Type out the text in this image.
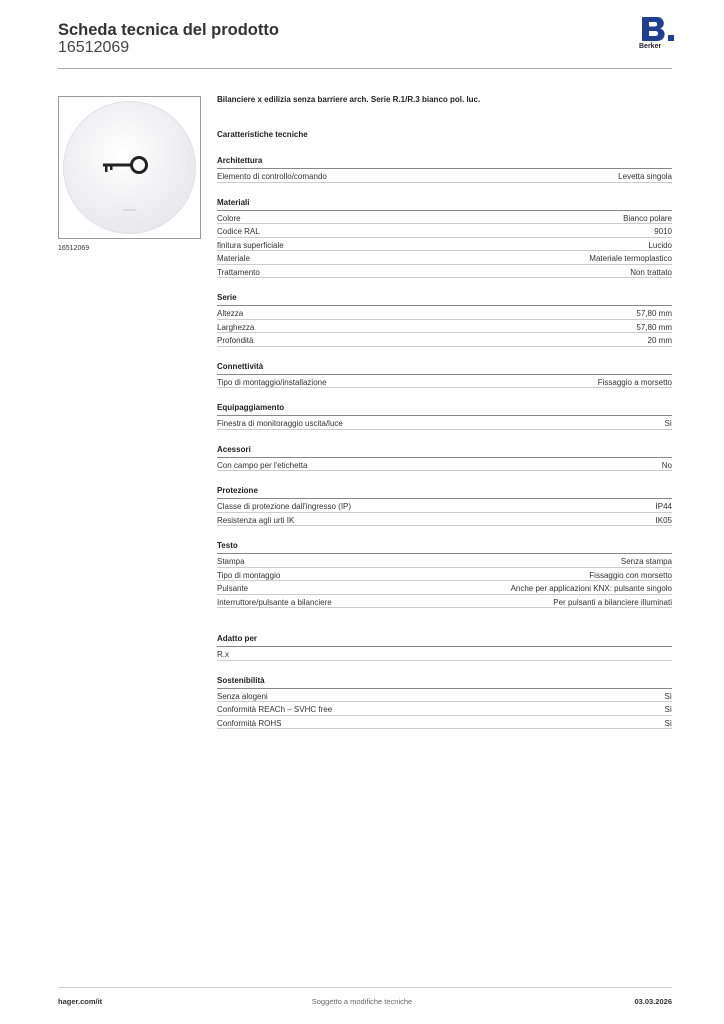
Scheda tecnica del prodotto
16512069	Berker
16512069
Bilanciere x edilizia senza barriere arch. Serie R.1/R.3 bianco pol. luc.
Caratteristiche tecniche
Architettura
Elemento di controllo/comando	Levetta singola
Materiali
Colore	Bianco polare
Codice RAL	9010
finitura superficiale	Lucido
Materiale	Materiale termoplastico
Trattamento	Non trattato
Serie
Altezza	57,80 mm
Larghezza	57,80 mm
Profondità	20 mm
Connettività
Tipo di montaggio/installazione	Fissaggio a morsetto
Equipaggiamento
Finestra di monitoraggio uscita/luce	Sì
Acessori
Con campo per l'etichetta	No
Protezione
Classe di protezione dall'ingresso (IP)	IP44
Resistenza agli urti IK	IK05
Testo
Stampa	Senza stampa
Tipo di montaggio	Fissaggio con morsetto
Pulsante	Anche per applicazioni KNX: pulsante singolo
Interruttore/pulsante a bilanciere	Per pulsanti a bilanciere illuminati
Adatto per
R.x
Sostenibilità
Senza alogeni	Sì
Conformità REACh – SVHC free	Sì
Conformità ROHS	Sì
hager.com/it	Soggetto a modifiche tecniche	03.03.2026
